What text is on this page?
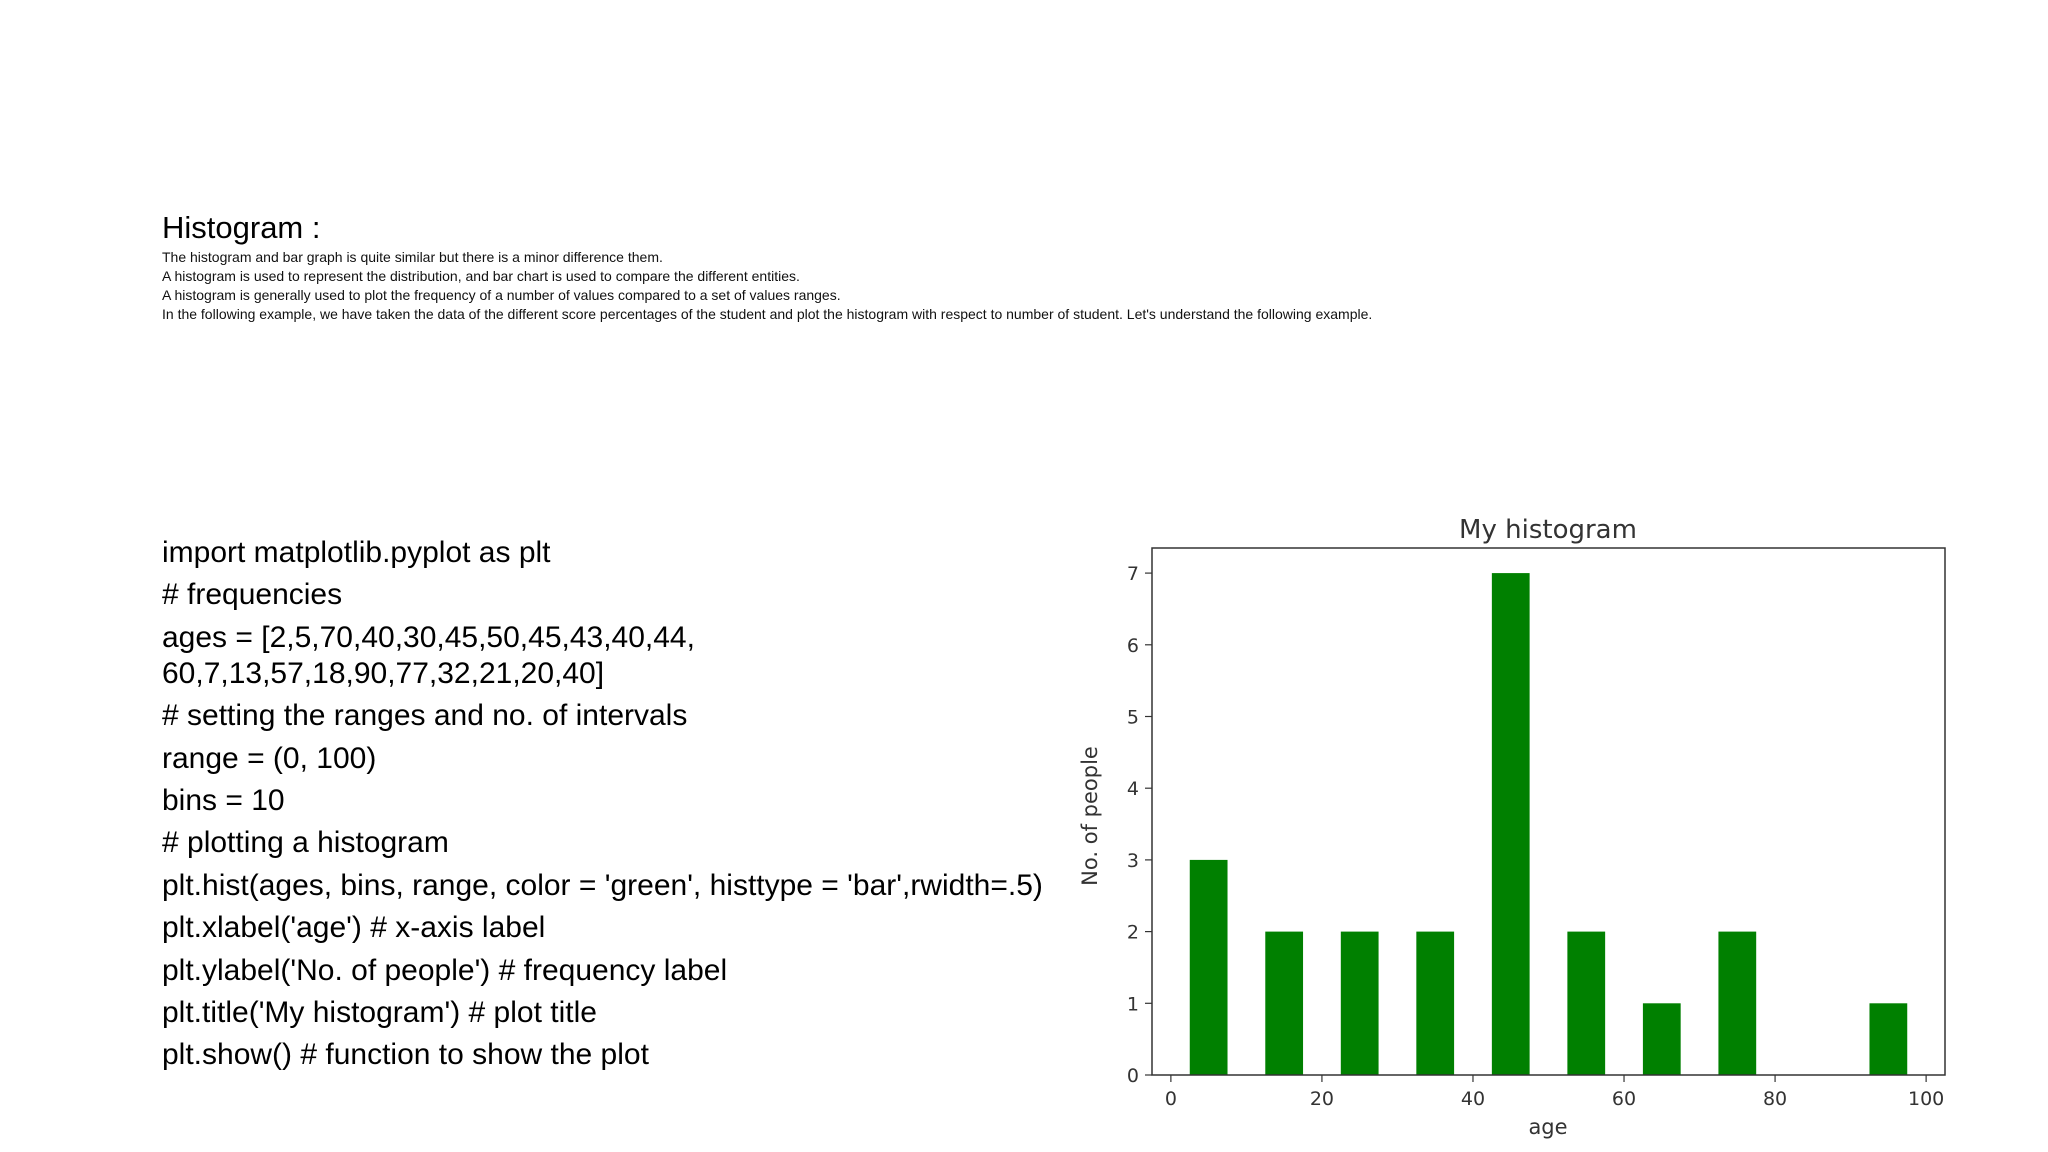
Histogram :
The histogram and bar graph is quite similar but there is a minor difference them.
A histogram is used to represent the distribution, and bar chart is used to compare the different entities.
A histogram is generally used to plot the frequency of a number of values compared to a set of values ranges.
In the following example, we have taken the data of the different score percentages of the student and plot the histogram with respect to number of student. Let's understand the following example.
import matplotlib.pyplot as plt
# frequencies
ages = [2,5,70,40,30,45,50,45,43,40,44, 60,7,13,57,18,90,77,32,21,20,40]
# setting the ranges and no. of intervals
range = (0, 100)
bins = 10
# plotting a histogram
plt.hist(ages, bins, range, color = 'green', histtype = 'bar',rwidth=.5)
plt.xlabel('age') # x-axis label
plt.ylabel('No. of people') # frequency label
plt.title('My histogram') # plot title
plt.show() # function to show the plot
0	20	40	60	80	100
0
1
2
3
4
5
6
7
My histogram
age
No. of people
